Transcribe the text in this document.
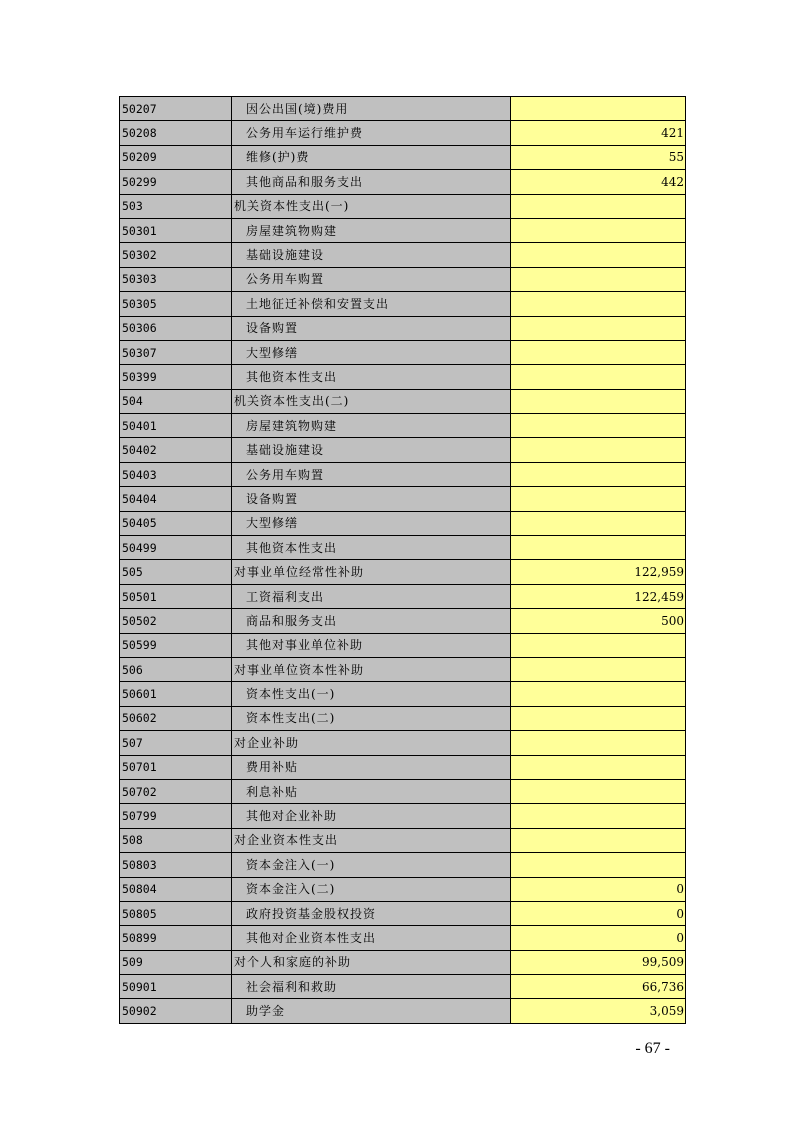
50207	因公出国(境)费用	
50208	公务用车运行维护费	421
50209	维修(护)费	55
50299	其他商品和服务支出	442
503	机关资本性支出(一)	
50301	房屋建筑物购建	
50302	基础设施建设	
50303	公务用车购置	
50305	土地征迁补偿和安置支出	
50306	设备购置	
50307	大型修缮	
50399	其他资本性支出	
504	机关资本性支出(二)	
50401	房屋建筑物购建	
50402	基础设施建设	
50403	公务用车购置	
50404	设备购置	
50405	大型修缮	
50499	其他资本性支出	
505	对事业单位经常性补助	122,959
50501	工资福利支出	122,459
50502	商品和服务支出	500
50599	其他对事业单位补助	
506	对事业单位资本性补助	
50601	资本性支出(一)	
50602	资本性支出(二)	
507	对企业补助	
50701	费用补贴	
50702	利息补贴	
50799	其他对企业补助	
508	对企业资本性支出	
50803	资本金注入(一)	
50804	资本金注入(二)	0
50805	政府投资基金股权投资	0
50899	其他对企业资本性支出	0
509	对个人和家庭的补助	99,509
50901	社会福利和救助	66,736
50902	助学金	3,059
- 67 -
